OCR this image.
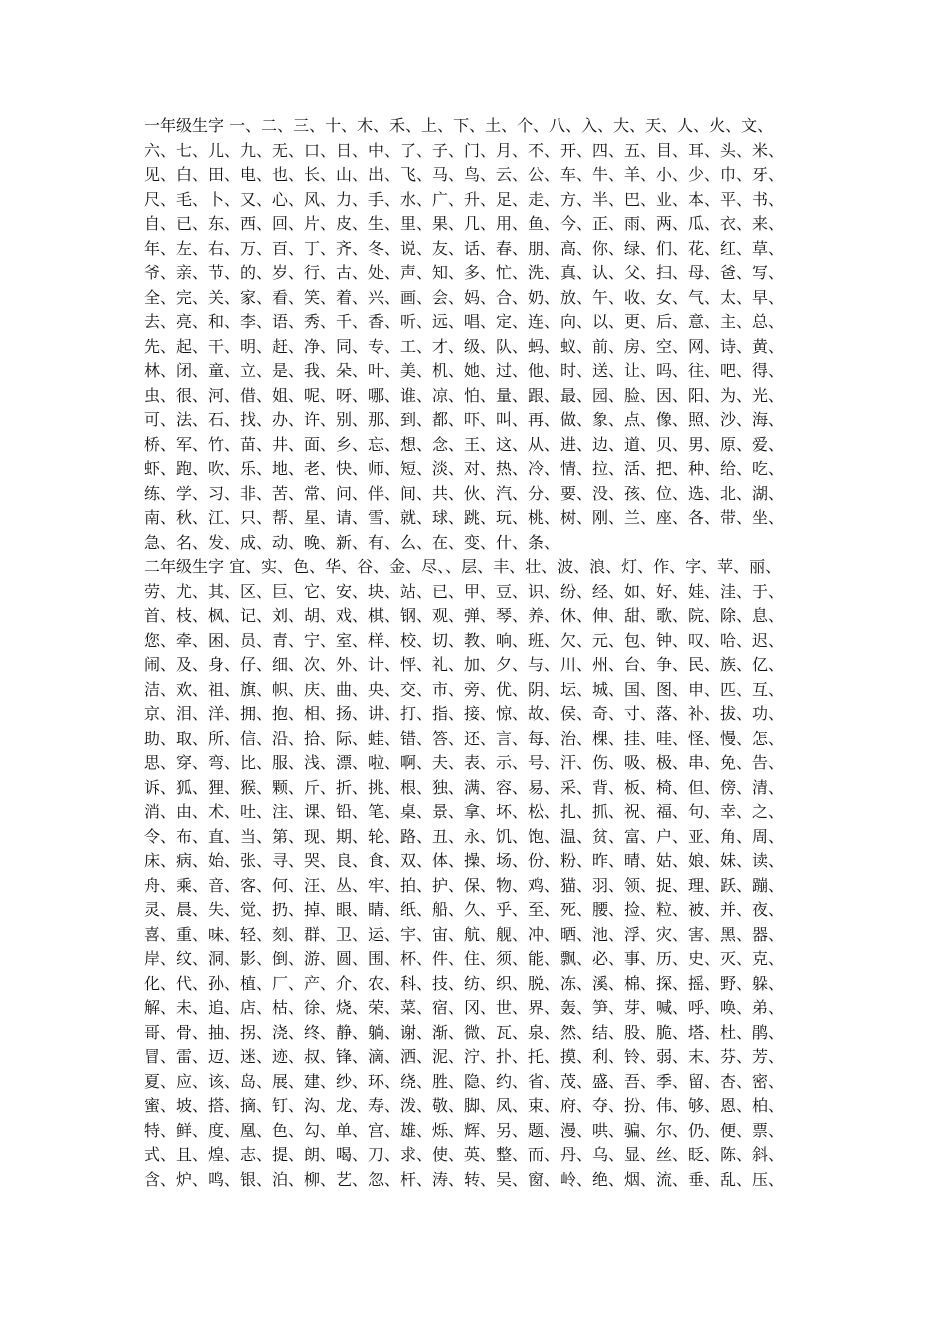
一年级生字 一、二、三、十、木、禾、上、下、土、个、八、入、大、天、人、火、文、
六、七、儿、九、无、口、日、中、了、子、门、月、不、开、四、五、目、耳、头、米、
见、白、田、电、也、长、山、出、飞、马、鸟、云、公、车、牛、羊、小、少、巾、牙、
尺、毛、卜、又、心、风、力、手、水、广、升、足、走、方、半、巴、业、本、平、书、
自、已、东、西、回、片、皮、生、里、果、几、用、鱼、今、正、雨、两、瓜、衣、来、
年、左、右、万、百、丁、齐、冬、说、友、话、春、朋、高、你、绿、们、花、红、草、
爷、亲、节、的、岁、行、古、处、声、知、多、忙、洗、真、认、父、扫、母、爸、写、
全、完、关、家、看、笑、着、兴、画、会、妈、合、奶、放、午、收、女、气、太、早、
去、亮、和、李、语、秀、千、香、听、远、唱、定、连、向、以、更、后、意、主、总、
先、起、干、明、赶、净、同、专、工、才、级、队、蚂、蚁、前、房、空、网、诗、黄、
林、闭、童、立、是、我、朵、叶、美、机、她、过、他、时、送、让、吗、往、吧、得、
虫、很、河、借、姐、呢、呀、哪、谁、凉、怕、量、跟、最、园、脸、因、阳、为、光、
可、法、石、找、办、许、别、那、到、都、吓、叫、再、做、象、点、像、照、沙、海、
桥、军、竹、苗、井、面、乡、忘、想、念、王、这、从、进、边、道、贝、男、原、爱、
虾、跑、吹、乐、地、老、快、师、短、淡、对、热、冷、情、拉、活、把、种、给、吃、
练、学、习、非、苦、常、问、伴、间、共、伙、汽、分、要、没、孩、位、选、北、湖、
南、秋、江、只、帮、星、请、雪、就、球、跳、玩、桃、树、刚、兰、座、各、带、坐、
急、名、发、成、动、晚、新、有、么、在、变、什、条、
二年级生字 宜、实、色、华、谷、金、尽、、层、丰、壮、波、浪、灯、作、字、苹、丽、
劳、尤、其、区、巨、它、安、块、站、已、甲、豆、识、纷、经、如、好、娃、洼、于、
首、枝、枫、记、刘、胡、戏、棋、钢、观、弹、琴、养、休、伸、甜、歌、院、除、息、
您、牵、困、员、青、宁、室、样、校、切、教、响、班、欠、元、包、钟、叹、哈、迟、
闹、及、身、仔、细、次、外、计、怦、礼、加、夕、与、川、州、台、争、民、族、亿、
洁、欢、祖、旗、帜、庆、曲、央、交、市、旁、优、阴、坛、城、国、图、申、匹、互、
京、泪、洋、拥、抱、相、扬、讲、打、指、接、惊、故、侯、奇、寸、落、补、拔、功、
助、取、所、信、沿、拾、际、蛙、错、答、还、言、每、治、棵、挂、哇、怪、慢、怎、
思、穿、弯、比、服、浅、漂、啦、啊、夫、表、示、号、汗、伤、吸、极、串、免、告、
诉、狐、狸、猴、颗、斤、折、挑、根、独、满、容、易、采、背、板、椅、但、傍、清、
消、由、术、吐、注、课、铅、笔、桌、景、拿、坏、松、扎、抓、祝、福、句、幸、之、
令、布、直、当、第、现、期、轮、路、丑、永、饥、饱、温、贫、富、户、亚、角、周、
床、病、始、张、寻、哭、良、食、双、体、操、场、份、粉、昨、晴、姑、娘、妹、读、
舟、乘、音、客、何、汪、丛、牢、拍、护、保、物、鸡、猫、羽、领、捉、理、跃、蹦、
灵、晨、失、觉、扔、掉、眼、睛、纸、船、久、乎、至、死、腰、捡、粒、被、并、夜、
喜、重、味、轻、刻、群、卫、运、宇、宙、航、舰、冲、晒、池、浮、灾、害、黑、器、
岸、纹、洞、影、倒、游、圆、围、杯、件、住、须、能、飘、必、事、历、史、灭、克、
化、代、孙、植、厂、产、介、农、科、技、纺、织、脱、冻、溪、棉、探、摇、野、躲、
解、未、追、店、枯、徐、烧、荣、菜、宿、冈、世、界、轰、笋、芽、喊、呼、唤、弟、
哥、骨、抽、拐、浇、终、静、躺、谢、渐、微、瓦、泉、然、结、股、脆、塔、杜、鹃、
冒、雷、迈、迷、迹、叔、锋、滴、洒、泥、泞、扑、托、摸、利、铃、弱、末、芬、芳、
夏、应、该、岛、展、建、纱、环、绕、胜、隐、约、省、茂、盛、吾、季、留、杏、密、
蜜、坡、搭、摘、钉、沟、龙、寿、泼、敬、脚、凤、束、府、夺、扮、伟、够、恩、柏、
特、鲜、度、凰、色、勾、单、宫、雄、烁、辉、另、题、漫、哄、骗、尔、仍、便、票、
式、且、煌、志、提、朗、喝、刀、求、使、英、整、而、丹、乌、显、丝、眨、陈、斜、
含、炉、鸣、银、泊、柳、艺、忽、杆、涛、转、吴、窗、岭、绝、烟、流、垂、乱、压、
